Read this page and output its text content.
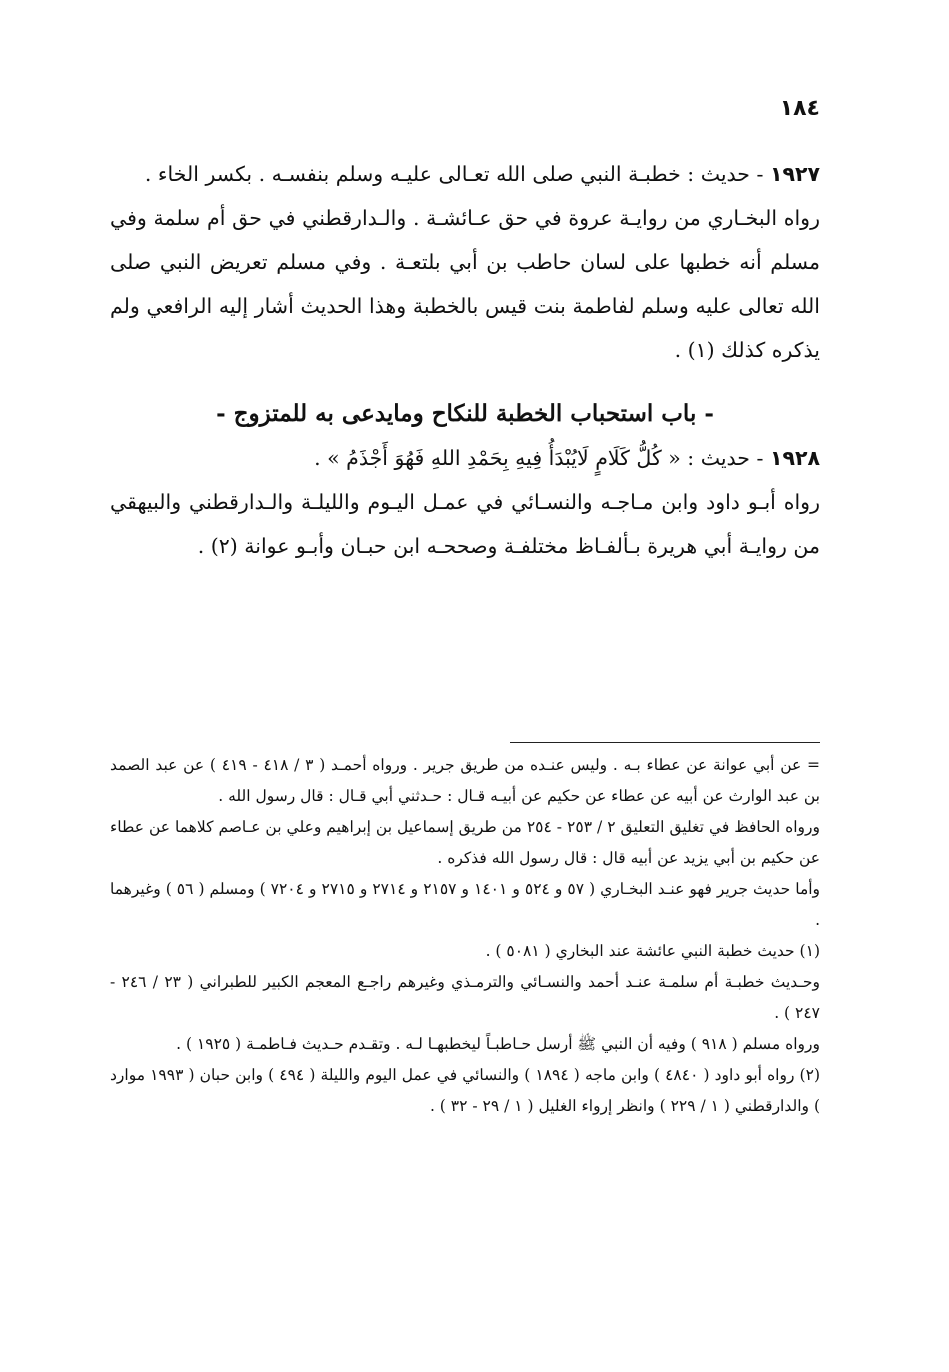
١٨٤

١٩٢٧ - حديث : خطبـة النبي صلى الله تعـالى عليـه وسلم بنفسـه . بكسر الخاء .

رواه البخـاري من روايـة عروة في حق عـائشـة . والـدارقطني في حق أم سلمة وفي مسلم أنه خطبها على لسان حاطب بن أبي بلتعـة . وفي مسلم تعريض النبي صلى الله تعالى عليه وسلم لفاطمة بنت قيس بالخطبة وهذا الحديث أشار إليه الرافعي ولم يذكره كذلك (١) .

- باب استحباب الخطبة للنكاح ومايدعى به للمتزوج -

١٩٢٨ - حديث : « كُلُّ كَلَامٍ لَايُبْدَأُ فِيهِ بِحَمْدِ اللهِ فَهُوَ أَجْذَمُ » .

رواه أبـو داود وابن مـاجـه والنسـائي في عمـل اليـوم والليلـة والـدارقطني والبيهقي من روايـة أبي هريرة بـألفـاظ مختلفـة وصححـه ابن حبـان وأبـو عوانة (٢) .

= عن أبي عوانة عن عطاء بـه . وليس عنـده من طريق جرير . ورواه أحمـد ( ٣ / ٤١٨ - ٤١٩ ) عن عبد الصمد بن عبد الوارث عن أبيه عن عطاء عن حكيم عن أبيـه قـال : حـدثني أبي قـال : قال رسول الله .

ورواه الحافظ في تغليق التعليق ٢ / ٢٥٣ - ٢٥٤ من طريق إسماعيل بن إبراهيم وعلي بن عـاصم كلاهما عن عطاء عن حكيم بن أبي يزيد عن أبيه قال : قال رسول الله فذكره .

وأما حديث جرير فهو عنـد البخـاري ( ٥٧ و ٥٢٤ و ١٤٠١ و ٢١٥٧ و ٢٧١٤ و ٢٧١٥ و ٧٢٠٤ ) ومسلم ( ٥٦ ) وغيرهما .

(١) حديث خطبة النبي عائشة عند البخاري ( ٥٠٨١ ) .

وحـديث خطبـة أم سلمـة عنـد أحمد والنسـائي والترمـذي وغيرهم راجـع المعجم الكبير للطبراني ( ٢٣ / ٢٤٦ - ٢٤٧ ) .

ورواه مسلم ( ٩١٨ ) وفيه أن النبي ﷺ أرسل حـاطبـاً ليخطبهـا لـه . وتقـدم حـديث فـاطمـة ( ١٩٢٥ ) .

(٢) رواه أبو داود ( ٤٨٤٠ ) وابن ماجه ( ١٨٩٤ ) والنسائي في عمل اليوم والليلة ( ٤٩٤ ) وابن حبان ( ١٩٩٣ موارد ) والدارقطني ( ١ / ٢٢٩ ) وانظر إرواء الغليل ( ١ / ٢٩ - ٣٢ ) .
